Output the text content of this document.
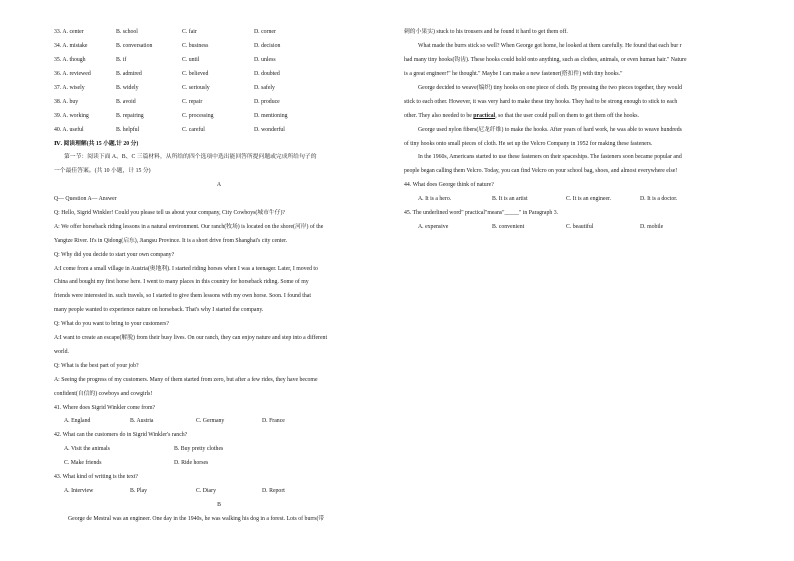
33. A. center	B. school	C. fair	D. corner
34. A. mistake	B. conversation	C. business	D. decision
35. A. though	B. if	C. until	D. unless
36. A. reviewed	B. admired	C. believed	D. doubted
37. A. wisely	B. widely	C. seriously	D. safely
38. A. buy	B. avoid	C. repair	D. produce
39. A. working	B. repairing	C. processing	D. mentioning
40. A. useful	B. helpful	C. careful	D. wonderful
Ⅳ. 阅读理解(共 15 小题,计 20 分)
第一节：阅读下面 A、B、C 三篇材料，从所给的四个选项中选出能回答所提问题或完成所给句子的
一个最佳答案。(共 10 小题，计 15 分)
A
Q— Question A— Answer
Q: Hello, Sigrid Winkler! Could you please tell us about your company, City Cowboys(城市牛仔)?
A: We offer horseback riding lessons in a natural environment. Our ranch(牧场) is located on the shore(河岸) of the
Yangtze River. It's in Qidong(启东), Jiangsu Province. It is a short drive from Shanghai's city center.
Q: Why did you decide to start your own company?
A:I come from a small village in Austria(奥地利). I started riding horses when I was a teenager. Later, I moved to
China and bought my first horse here. I went to many places in this country for horseback riding. Some of my
friends were interested in. such travels, so I started to give them lessons with my own horse. Soon. I found that
many people wanted to experience nature on horseback. That's why I started the company.
Q: What do you want to bring to your customers?
A:I want to create an escape(解脱) from their busy lives. On our ranch, they can enjoy nature and step into a different
world.
Q: What is the best part of your job?
A: Seeing the progress of my customers. Many of them started from zero, but after a few rides, they have become
confident(自信的) cowboys and cowgirls!
41. Where does Sigrid Winkler come from?
A. England	B. Austria	C. Germany	D. France
42. What can the customers do in Sigrid Winkler's ranch?
A. Visit the animals	B. Buy pretty clothes
C. Make friends	D. Ride horses
43. What kind of writing is the text?
A. Interview	B. Play	C. Diary	D. Report
B
George de Mestral was an engineer. One day in the 1940s, he was walking his dog in a forest. Lots of burrs(带
刺的小果实) stuck to his trousers and he found it hard to get them off.
What made the burrs stick so well? When George got home, he looked at them carefully. He found that each bur r
had many tiny hooks(钩齿). These hooks could hold onto anything, such as clothes, animals, or even human hair." Nature
is a great engineer!" he thought." Maybe I can make a new fastener(搭扣件) with tiny hooks."
George decided to weave(编织) tiny hooks on one piece of cloth. By pressing the two pieces together, they would
stick to each other. However, it was very hard to make these tiny hooks. They had to be strong enough to stick to each
other. They also needed to be practical , so that the user could pull on them to get them off the hooks.
George used nylon fibers(尼龙纤维) to make the hooks. After years of hard work, he was able to weave hundreds
of tiny hooks onto small pieces of cloth. He set up the Velcro Company in 1952 for making these fasteners.
In the 1960s, Americans started to use these fasteners on their spaceships. The fasteners soon became popular and
people began calling them Velcro. Today, you can find Velcro on your school bag, shoes, and almost everywhere else!
44. What does George think of nature?
A. It is a hero.	B. It is an artist	C. It is an engineer.	D. It is a doctor.
45. The underlined word" practical"means"_____" in Paragraph 3.
A. expensive	B. convenient	C. beautiful	D. mobile
